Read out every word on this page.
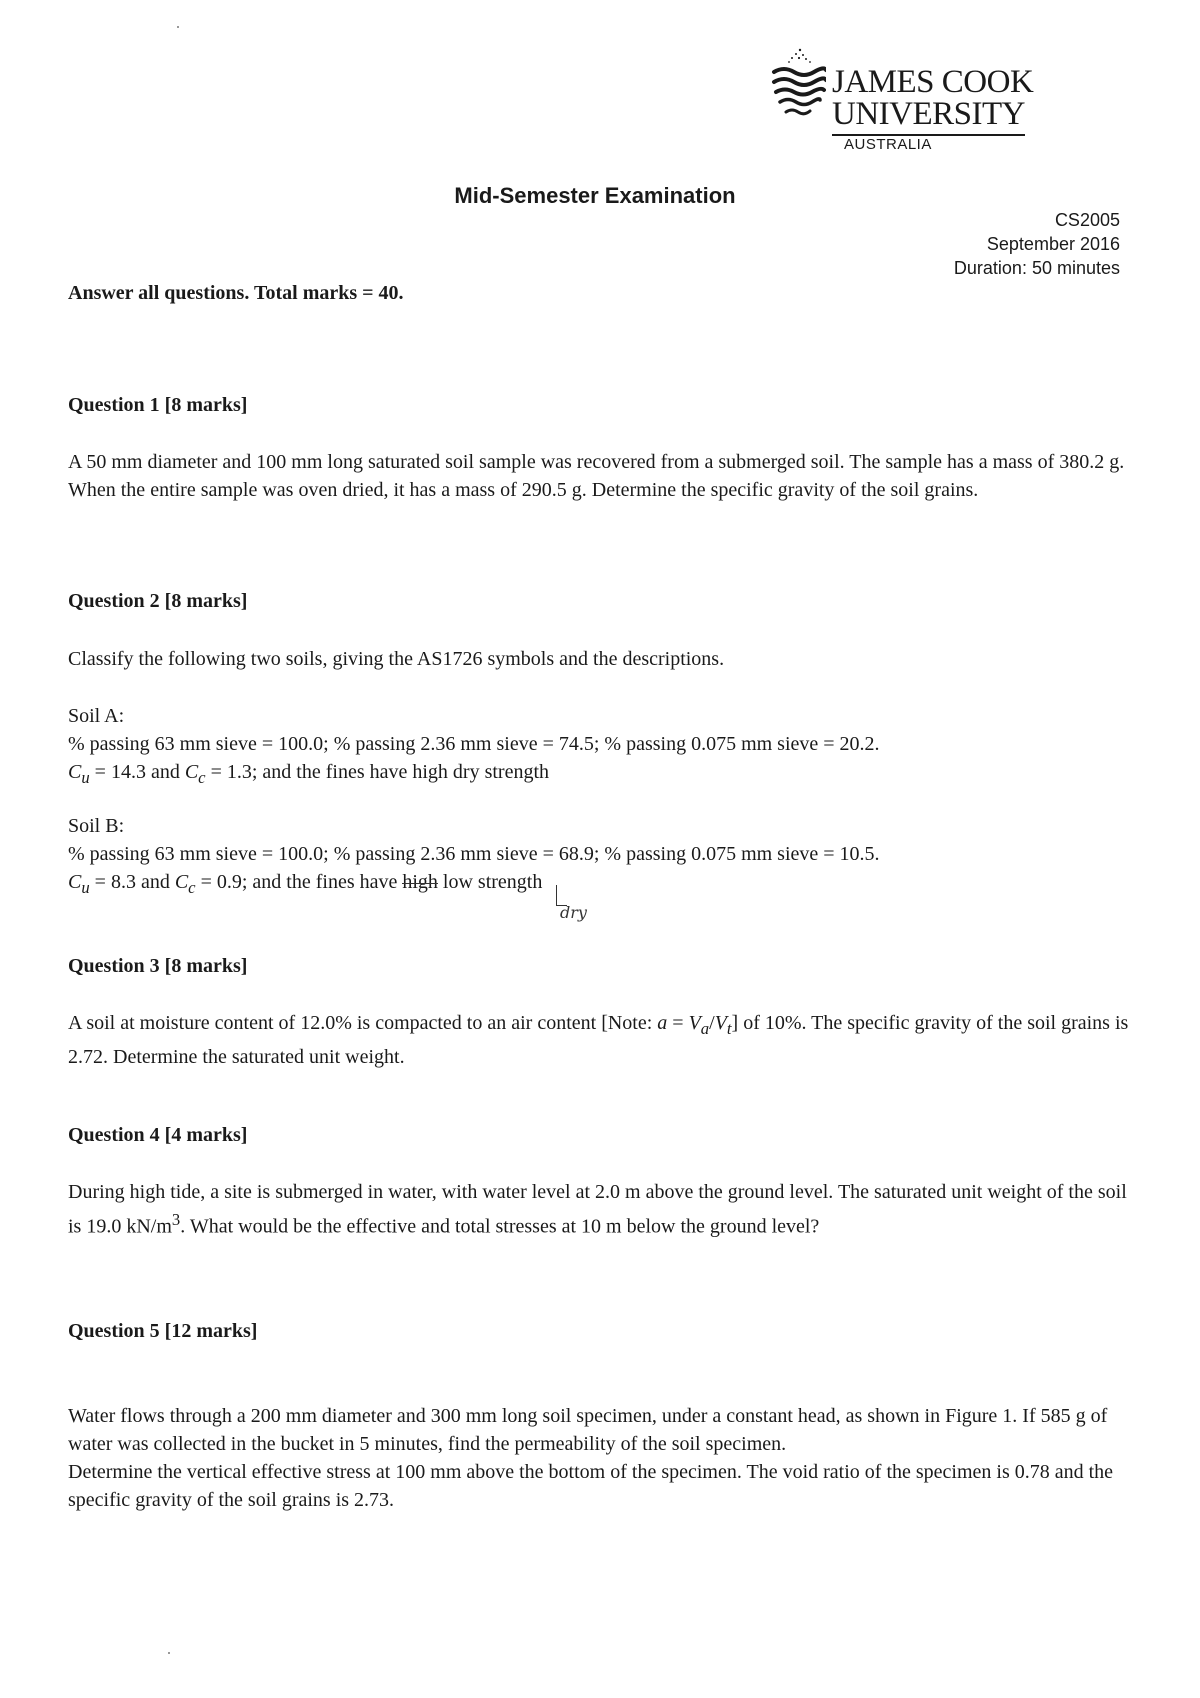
JAMES COOK
UNIVERSITY
AUSTRALIA
Mid-Semester Examination
CS2005
September 2016
Duration: 50 minutes
Answer all questions. Total marks = 40.
Question 1 [8 marks]
A 50 mm diameter and 100 mm long saturated soil sample was recovered from a submerged soil. The sample has a mass of 380.2 g. When the entire sample was oven dried, it has a mass of 290.5 g. Determine the specific gravity of the soil grains.
Question 2 [8 marks]
Classify the following two soils, giving the AS1726 symbols and the descriptions.

Soil A:

% passing 63 mm sieve = 100.0; % passing 2.36 mm sieve = 74.5; % passing 0.075 mm sieve = 20.2.

$C_u = 14.3$ and $C_c = 1.3$; and the fines have high dry strength

Soil B:

% passing 63 mm sieve = 100.0; % passing 2.36 mm sieve = 68.9; % passing 0.075 mm sieve = 10.5.

$C_u = 8.3$ and $C_c = 0.9$; and the fines have high low strength

dry
Question 3 [8 marks]
A soil at moisture content of 12.0% is compacted to an air content [Note: $a = V_a/V_t$] of 10%. The specific gravity of the soil grains is 2.72. Determine the saturated unit weight.
Question 4 [4 marks]
During high tide, a site is submerged in water, with water level at 2.0 m above the ground level. The saturated unit weight of the soil is 19.0 $kN/m^3$. What would be the effective and total stresses at 10 m below the ground level?
Question 5 [12 marks]

Water flows through a 200 mm diameter and 300 mm long soil specimen, under a constant head, as shown in Figure 1. If 585 g of water was collected in the bucket in 5 minutes, find the permeability of the soil specimen.

Determine the vertical effective stress at 100 mm above the bottom of the specimen. The void ratio of the specimen is 0.78 and the specific gravity of the soil grains is 2.73.
